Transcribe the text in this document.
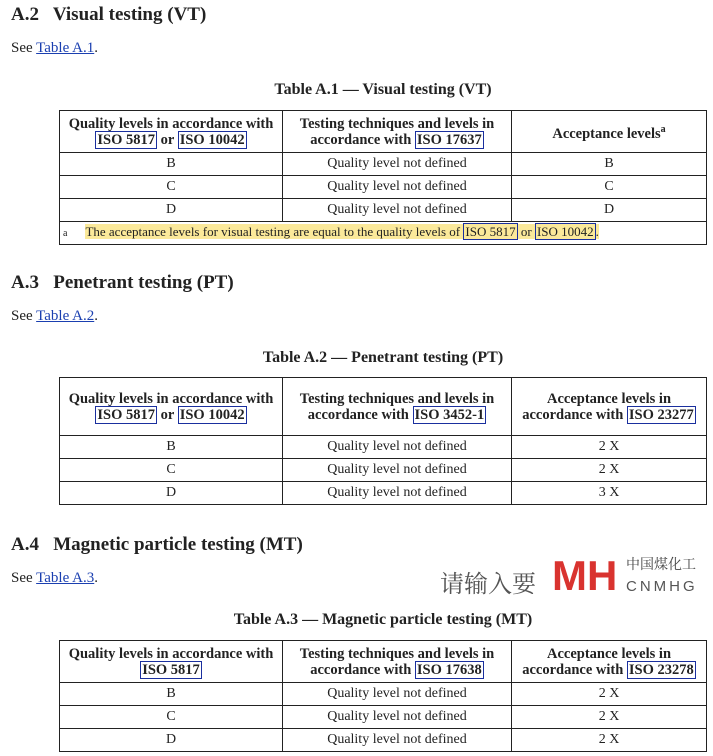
A.2   Visual testing (VT)
See Table A.1.
Table A.1 — Visual testing (VT)
Quality levels in accordance with ISO 5817 or ISO 10042	Testing techniques and levels in accordance with ISO 17637	Acceptance levels$^a$
B	Quality level not defined	B
C	Quality level not defined	C
D	Quality level not defined	D
a The acceptance levels for visual testing are equal to the quality levels of ISO 5817 or ISO 10042 .		
A.3   Penetrant testing (PT)
See Table A.2.
Table A.2 — Penetrant testing (PT)
Quality levels in accordance with ISO 5817 or ISO 10042	Testing techniques and levels in accordance with ISO 3452-1	Acceptance levels in accordance with ISO 23277
B	Quality level not defined	2 X
C	Quality level not defined	2 X
D	Quality level not defined	3 X
A.4   Magnetic particle testing (MT)
See Table A.3.
Table A.3 — Magnetic particle testing (MT)
Quality levels in accordance with ISO 5817	Testing techniques and levels in accordance with ISO 17638	Acceptance levels in accordance with ISO 23278
B	Quality level not defined	2 X
C	Quality level not defined	2 X
D	Quality level not defined	2 X
请输入要 MH 中国煤化工
CNMHG
